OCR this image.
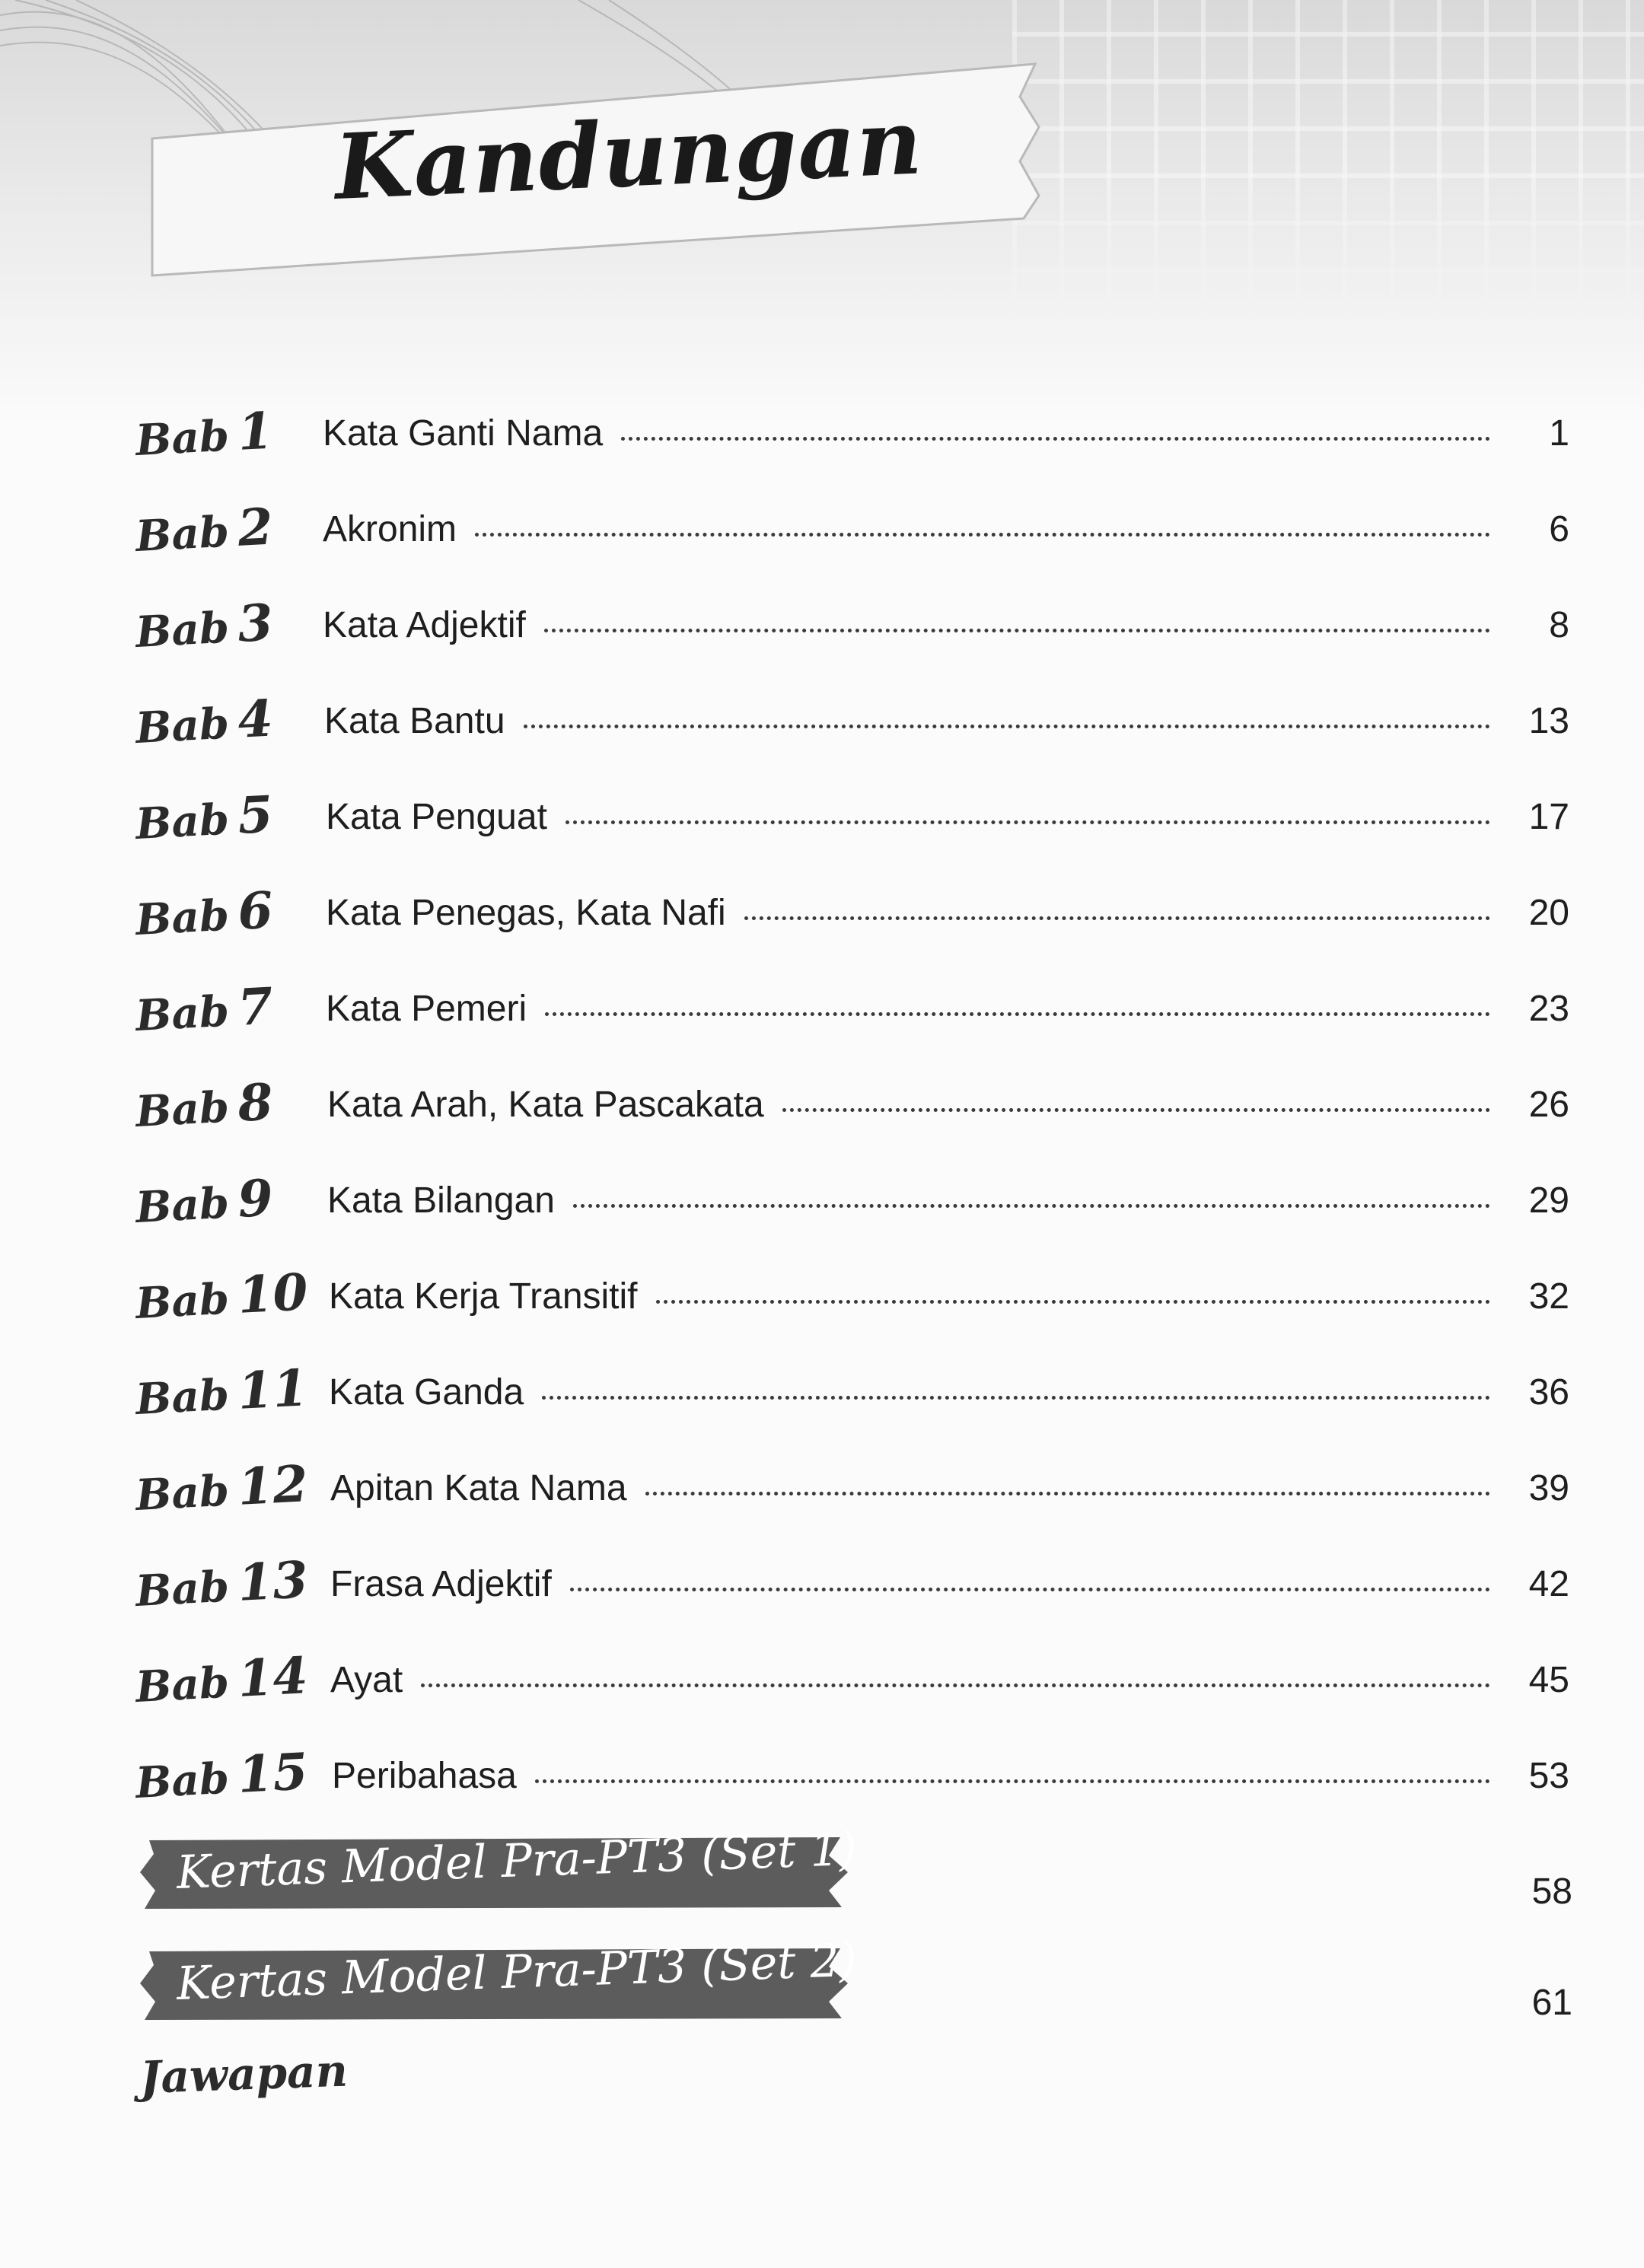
Kandungan
Bab 1 Kata Ganti Nama	1
Bab 2 Akronim	6
Bab 3 Kata Adjektif	8
Bab 4 Kata Bantu	13
Bab 5 Kata Penguat	17
Bab 6 Kata Penegas, Kata Nafi	20
Bab 7 Kata Pemeri	23
Bab 8 Kata Arah, Kata Pascakata	26
Bab 9 Kata Bilangan	29
Bab 10 Kata Kerja Transitif	32
Bab 11 Kata Ganda	36
Bab 12 Apitan Kata Nama	39
Bab 13 Frasa Adjektif	42
Bab 14 Ayat	45
Bab 15 Peribahasa	53
Kertas Model Pra-PT3 (Set 1)	58
Kertas Model Pra-PT3 (Set 2)	61
Jawapan
